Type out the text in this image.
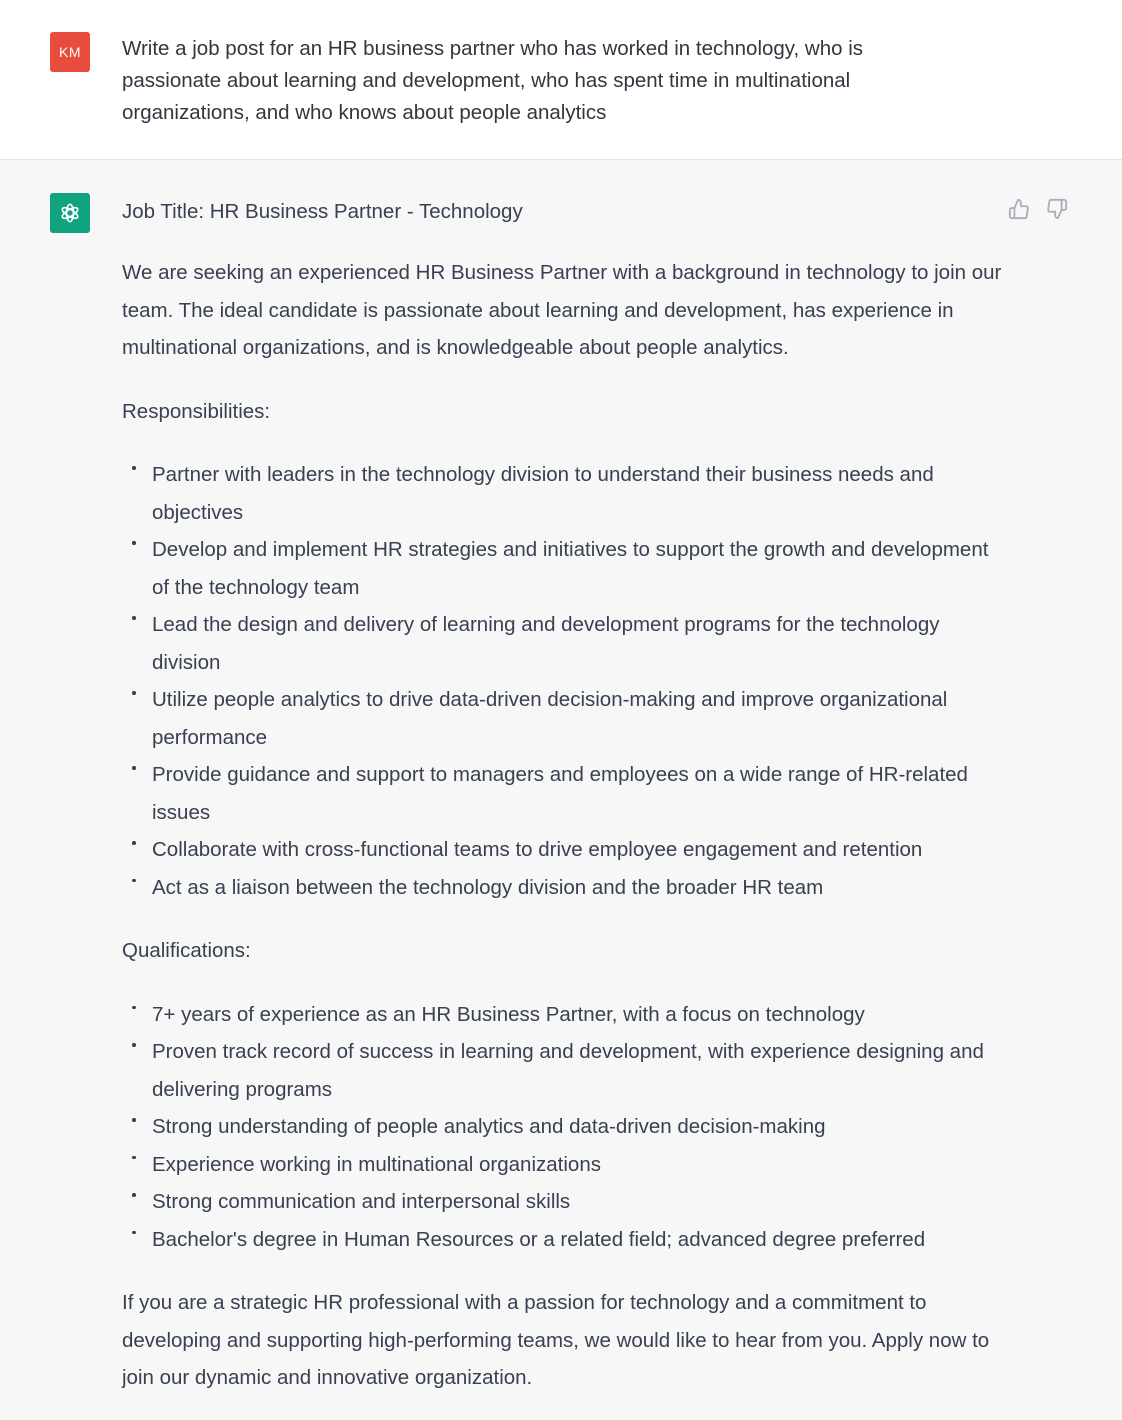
KM Write a job post for an HR business partner who has worked in technology, who is passionate about learning and development, who has spent time in multinational organizations, and who knows about people analytics

Job Title: HR Business Partner - Technology

We are seeking an experienced HR Business Partner with a background in technology to join our team. The ideal candidate is passionate about learning and development, has experience in multinational organizations, and is knowledgeable about people analytics.

Responsibilities:

Partner with leaders in the technology division to understand their business needs and objectives
Develop and implement HR strategies and initiatives to support the growth and development of the technology team
Lead the design and delivery of learning and development programs for the technology division
Utilize people analytics to drive data-driven decision-making and improve organizational performance
Provide guidance and support to managers and employees on a wide range of HR-related issues
Collaborate with cross-functional teams to drive employee engagement and retention
Act as a liaison between the technology division and the broader HR team

Qualifications:

7+ years of experience as an HR Business Partner, with a focus on technology
Proven track record of success in learning and development, with experience designing and delivering programs
Strong understanding of people analytics and data-driven decision-making
Experience working in multinational organizations
Strong communication and interpersonal skills
Bachelor's degree in Human Resources or a related field; advanced degree preferred

If you are a strategic HR professional with a passion for technology and a commitment to developing and supporting high-performing teams, we would like to hear from you. Apply now to join our dynamic and innovative organization.
